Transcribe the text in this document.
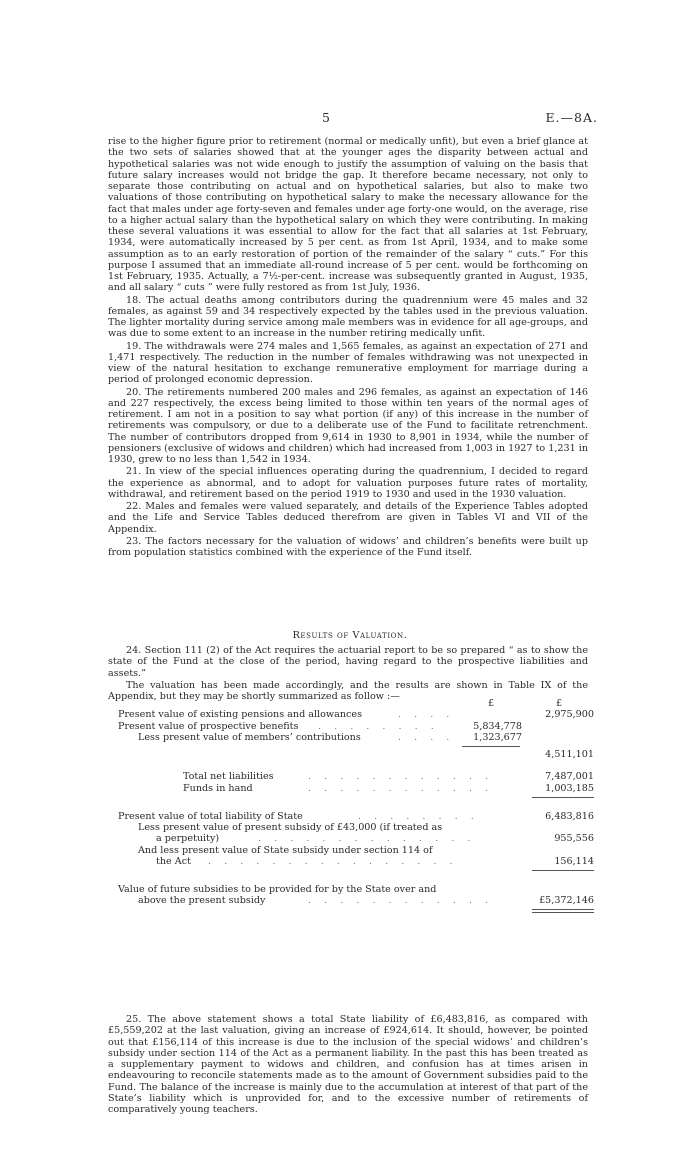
5	E.—8A.

rise to the higher figure prior to retirement (normal or medically unfit), but even a brief glance at the two sets of salaries showed that at the younger ages the disparity between actual and hypothetical salaries was not wide enough to justify the assumption of valuing on the basis that future salary increases would not bridge the gap. It therefore became necessary, not only to separate those contributing on actual and on hypothetical salaries, but also to make two valuations of those contributing on hypothetical salary to make the necessary allowance for the fact that males under age forty-seven and females under age forty-one would, on the average, rise to a higher actual salary than the hypothetical salary on which they were contributing. In making these several valuations it was essential to allow for the fact that all salaries at 1st February, 1934, were automatically increased by 5 per cent. as from 1st April, 1934, and to make some assumption as to an early restoration of portion of the remainder of the salary “ cuts.” For this purpose I assumed that an immediate all-round increase of 5 per cent. would be forthcoming on 1st February, 1935. Actually, a 7½-per-cent. increase was subsequently granted in August, 1935, and all salary “ cuts ” were fully restored as from 1st July, 1936.

18. The actual deaths among contributors during the quadrennium were 45 males and 32 females, as against 59 and 34 respectively expected by the tables used in the previous valuation. The lighter mortality during service among male members was in evidence for all age-groups, and was due to some extent to an increase in the number retiring medically unfit.

19. The withdrawals were 274 males and 1,565 females, as against an expectation of 271 and 1,471 respectively. The reduction in the number of females withdrawing was not unexpected in view of the natural hesitation to exchange remunerative employment for marriage during a period of prolonged economic depression.

20. The retirements numbered 200 males and 296 females, as against an expectation of 146 and 227 respectively, the excess being limited to those within ten years of the normal ages of retirement. I am not in a position to say what portion (if any) of this increase in the number of retirements was compulsory, or due to a deliberate use of the Fund to facilitate retrenchment. The number of contributors dropped from 9,614 in 1930 to 8,901 in 1934, while the number of pensioners (exclusive of widows and children) which had increased from 1,003 in 1927 to 1,231 in 1930, grew to no less than 1,542 in 1934.

21. In view of the special influences operating during the quadrennium, I decided to regard the experience as abnormal, and to adopt for valuation purposes future rates of mortality, withdrawal, and retirement based on the period 1919 to 1930 and used in the 1930 valuation.

22. Males and females were valued separately, and details of the Experience Tables adopted and the Life and Service Tables deduced therefrom are given in Tables VI and VII of the Appendix.

23. The factors necessary for the valuation of widows’ and children’s benefits were built up from population statistics combined with the experience of the Fund itself.

Results of Valuation.

24. Section 111 (2) of the Act requires the actuarial report to be so prepared “ as to show the state of the Fund at the close of the period, having regard to the prospective liabilities and assets.”

The valuation has been made accordingly, and the results are shown in Table IX of the Appendix, but they may be shortly summarized as follow :—

£	£
Present value of existing pensions and allowances	. . . .	2,975,900
Present value of prospective benefits . . . . . . . .	5,834,778
Less present value of members’ contributions	. . . .	1,323,677
4,511,101
Total net liabilities	. . . . . . . . . . . .	7,487,001
Funds in hand	. . . . . . . . . . . .	1,003,185
Present value of total liability of State	. . . . . . . .	6,483,816
Less present value of present subsidy of £43,000 (if treated as
a perpetuity)	. . . . . . . . . . . . . .	955,556
And less present value of State subsidy under section 114 of
the Act . . . . . . . . . . . . . . . .	156,114
Value of future subsidies to be provided for by the State over and
above the present subsidy	. . . . . . . . . . . .	£5,372,146

25. The above statement shows a total State liability of £6,483,816, as compared with £5,559,202 at the last valuation, giving an increase of £924,614. It should, however, be pointed out that £156,114 of this increase is due to the inclusion of the special widows’ and children’s subsidy under section 114 of the Act as a permanent liability. In the past this has been treated as a supplementary payment to widows and children, and confusion has at times arisen in endeavouring to reconcile statements made as to the amount of Government subsidies paid to the Fund. The balance of the increase is mainly due to the accumulation at interest of that part of the State’s liability which is unprovided for, and to the excessive number of retirements of comparatively young teachers.
